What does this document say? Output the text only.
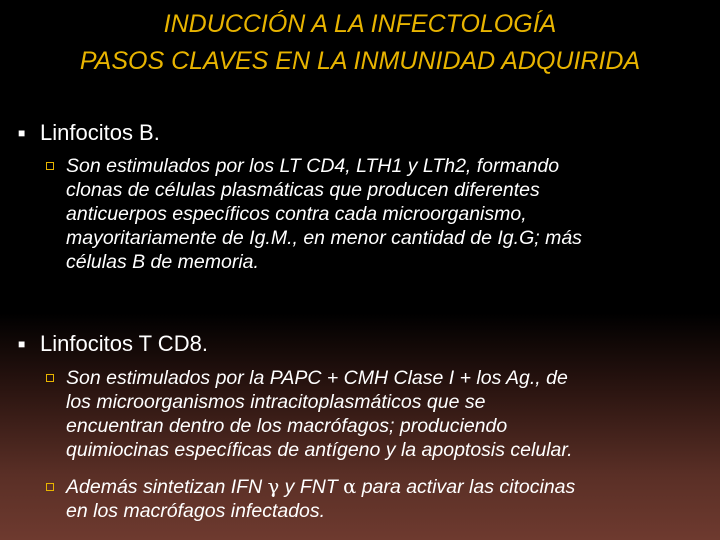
INDUCCIÓN A LA INFECTOLOGÍA
PASOS CLAVES EN LA INMUNIDAD ADQUIRIDA
■ Linfocitos B.
Son estimulados por los LT CD4, LTH1 y LTh2, formando
clonas de células plasmáticas que producen diferentes
anticuerpos específicos contra cada microorganismo,
mayoritariamente de Ig.M., en menor cantidad de Ig.G; más
células B de memoria.
■ Linfocitos T CD8.
Son estimulados por la PAPC + CMH Clase I + los Ag., de
los microorganismos intracitoplasmáticos que se
encuentran dentro de los macrófagos; produciendo
quimiocinas específicas de antígeno y la apoptosis celular.
Además sintetizan IFN γ y FNT α para activar las citocinas
en los macrófagos infectados.
